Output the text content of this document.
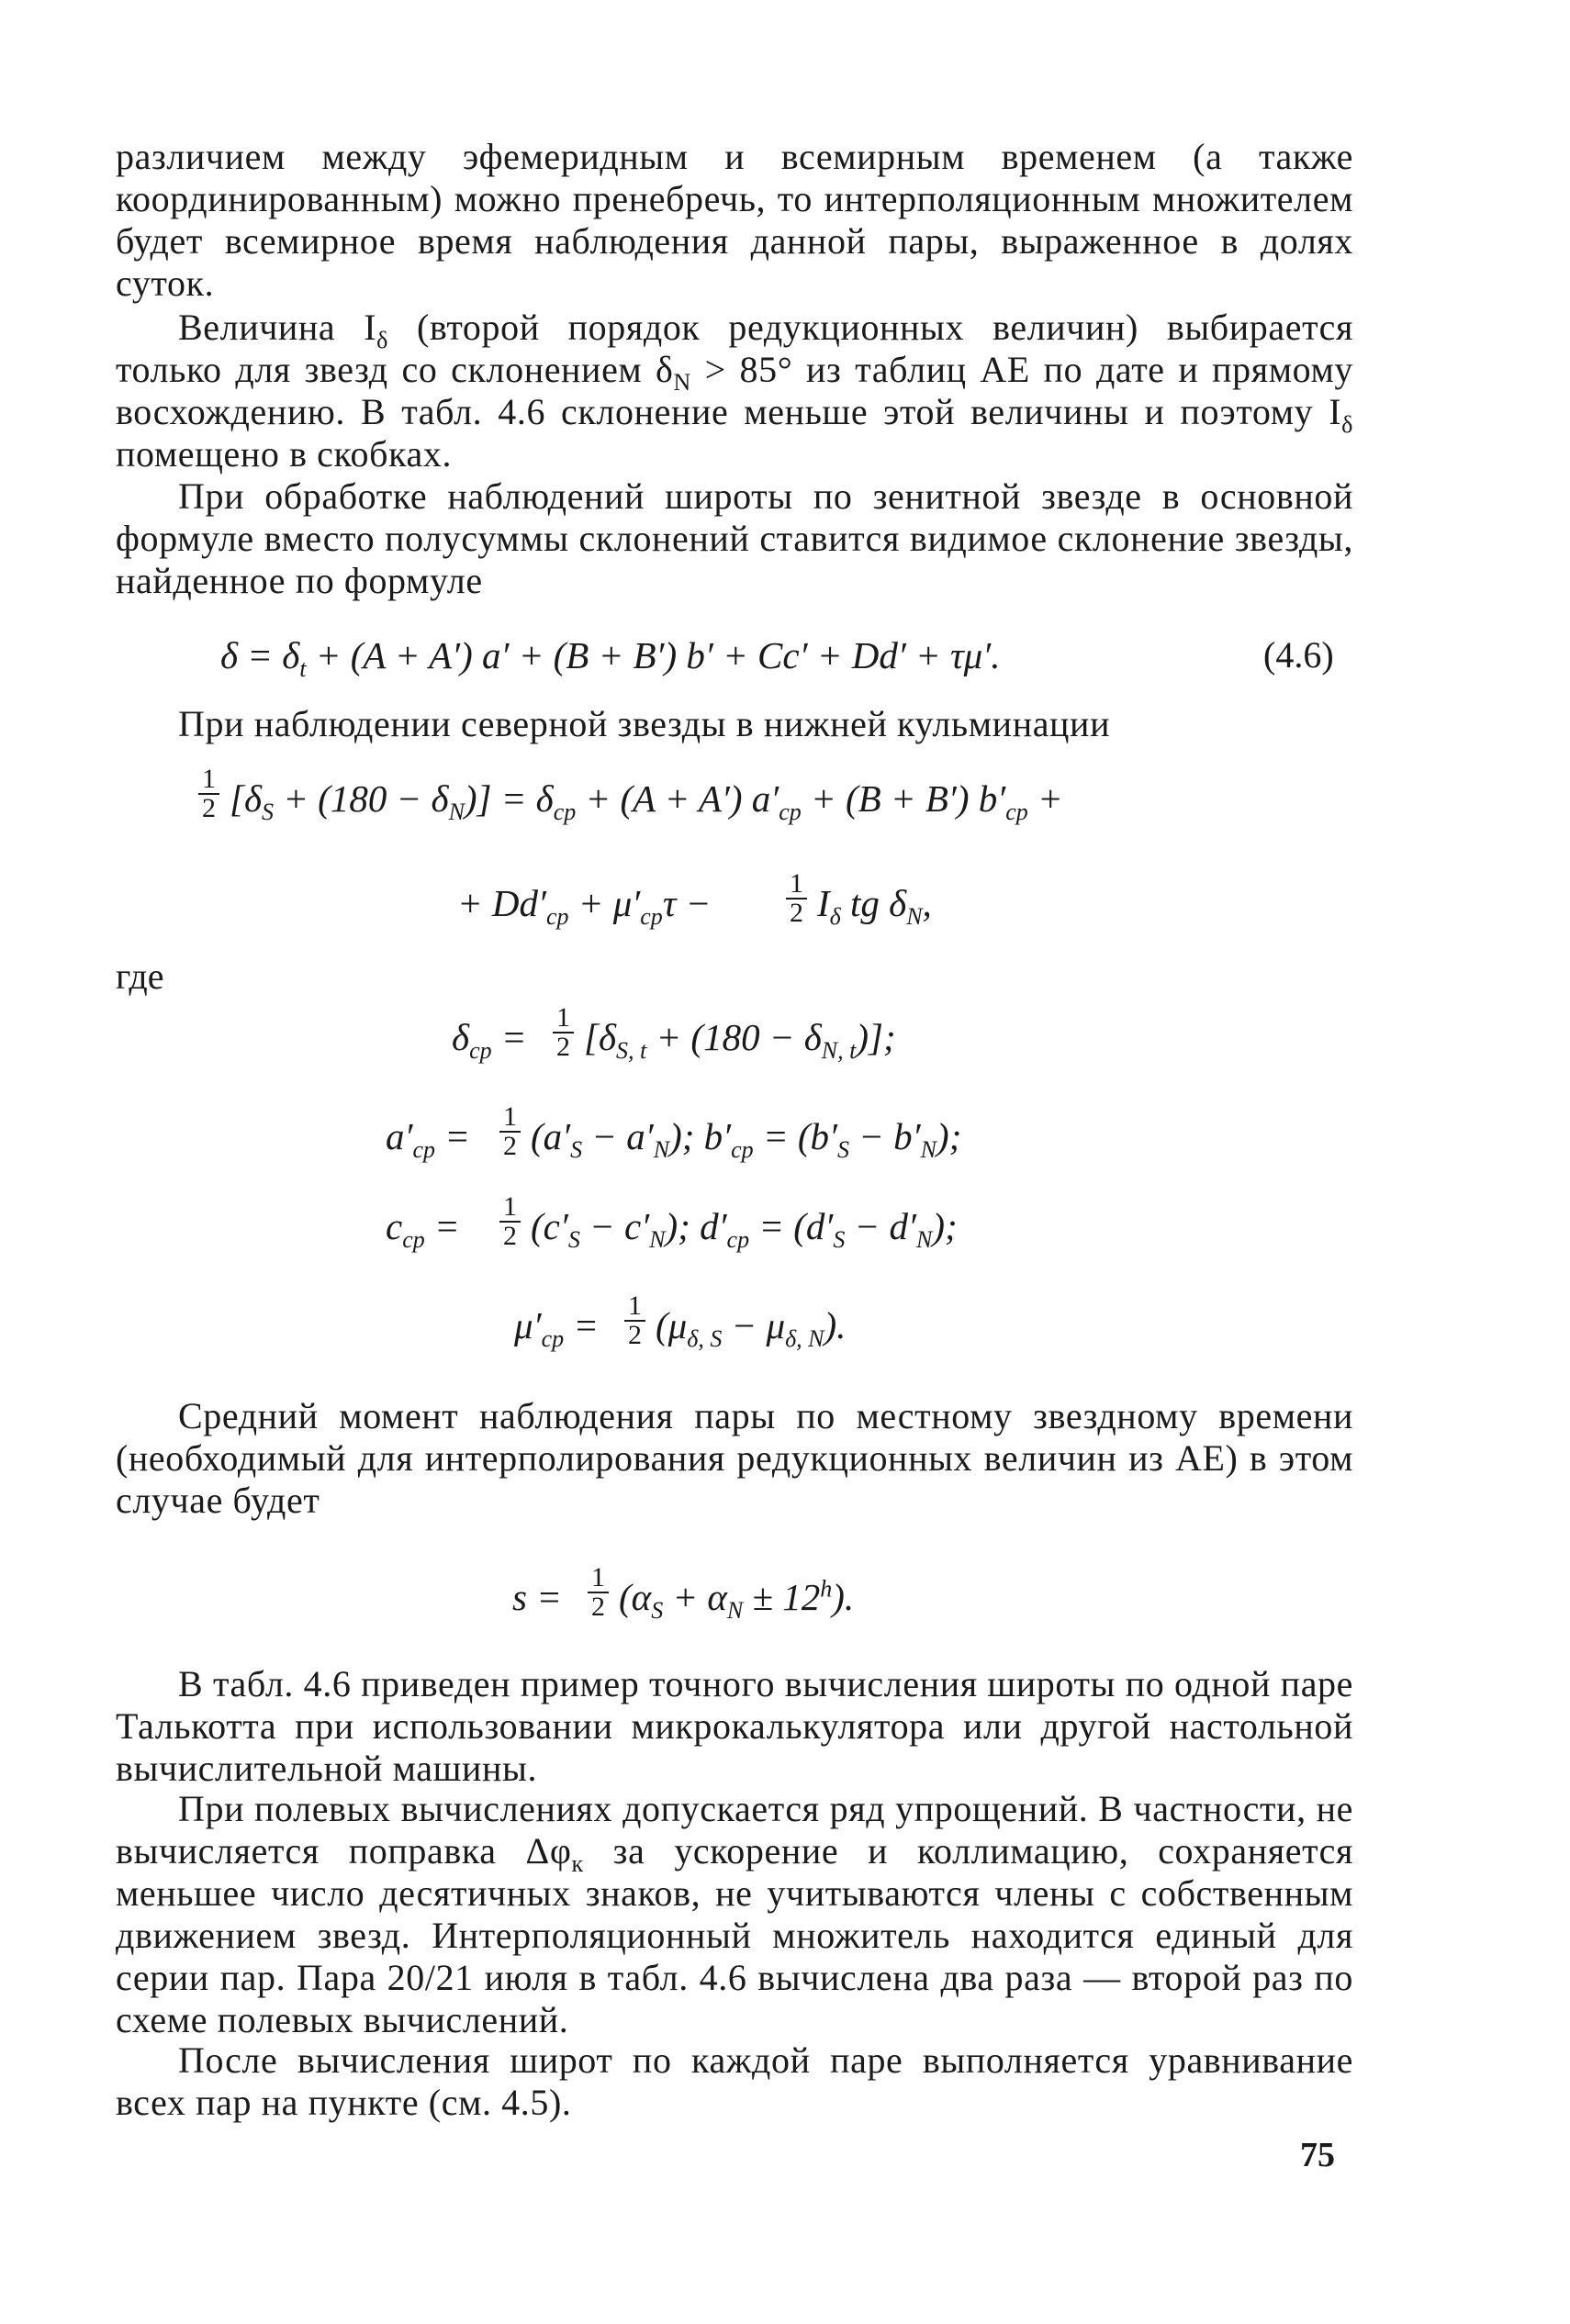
различием между эфемеридным и всемирным временем (а также координированным) можно пренебречь, то интерполяционным множителем будет всемирное время наблюдения данной пары, выраженное в долях суток.
Величина $I_\delta$ (второй порядок редукционных величин) выбирается только для звезд со склонением $\delta_N > 85^\circ$ из таблиц АЕ по дате и прямому восхождению. В табл. 4.6 склонение меньше этой величины и поэтому $I_\delta$ помещено в скобках.
При обработке наблюдений широты по зенитной звезде в основной формуле вместо полусуммы склонений ставится видимое склонение звезды, найденное по формуле
$\delta = \delta_t + (A + A') a' + (B + B') b' + Cc' + Dd' + \tau\mu'$.	(4.6)
При наблюдении северной звезды в нижней кульминации
$\frac{1}{2} [\delta_S + (180 - \delta_N)] = \delta_{ср} + (A + A') a'_{ср} + (B + B') b'_{ср}$ +
+ $Dd'_{ср} + \mu'_{ср}\tau$ −	$\frac{1}{2} I_\delta$ tg $\delta_N$,
где
$\delta_{ср} = \frac{1}{2} [\delta_{S, t} + (180 - \delta_{N, t})]$;
$a'_{ср} = \frac{1}{2} (a'_S - a'_N)$; $b'_{ср} = (b'_S - b'_N)$;
$c_{ср} = \frac{1}{2} (c'_S - c'_N)$; $d'_{ср} = (d'_S - d'_N)$;
$\mu'_{ср} = \frac{1}{2} (\mu_{\delta, S} - \mu_{\delta, N})$.
Средний момент наблюдения пары по местному звездному времени (необходимый для интерполирования редукционных величин из АЕ) в этом случае будет
$s = \frac{1}{2} (\alpha_S + \alpha_N \pm 12^h)$.
В табл. 4.6 приведен пример точного вычисления широты по одной паре Талькотта при использовании микрокалькулятора или другой настольной вычислительной машины.
При полевых вычислениях допускается ряд упрощений. В частности, не вычисляется поправка $\Delta\varphi_к$ за ускорение и коллимацию, сохраняется меньшее число десятичных знаков, не учитываются члены с собственным движением звезд. Интерполяционный множитель находится единый для серии пар. Пара 20/21 июля в табл. 4.6 вычислена два раза — второй раз по схеме полевых вычислений.
После вычисления широт по каждой паре выполняется уравнивание всех пар на пункте (см. 4.5).
75
